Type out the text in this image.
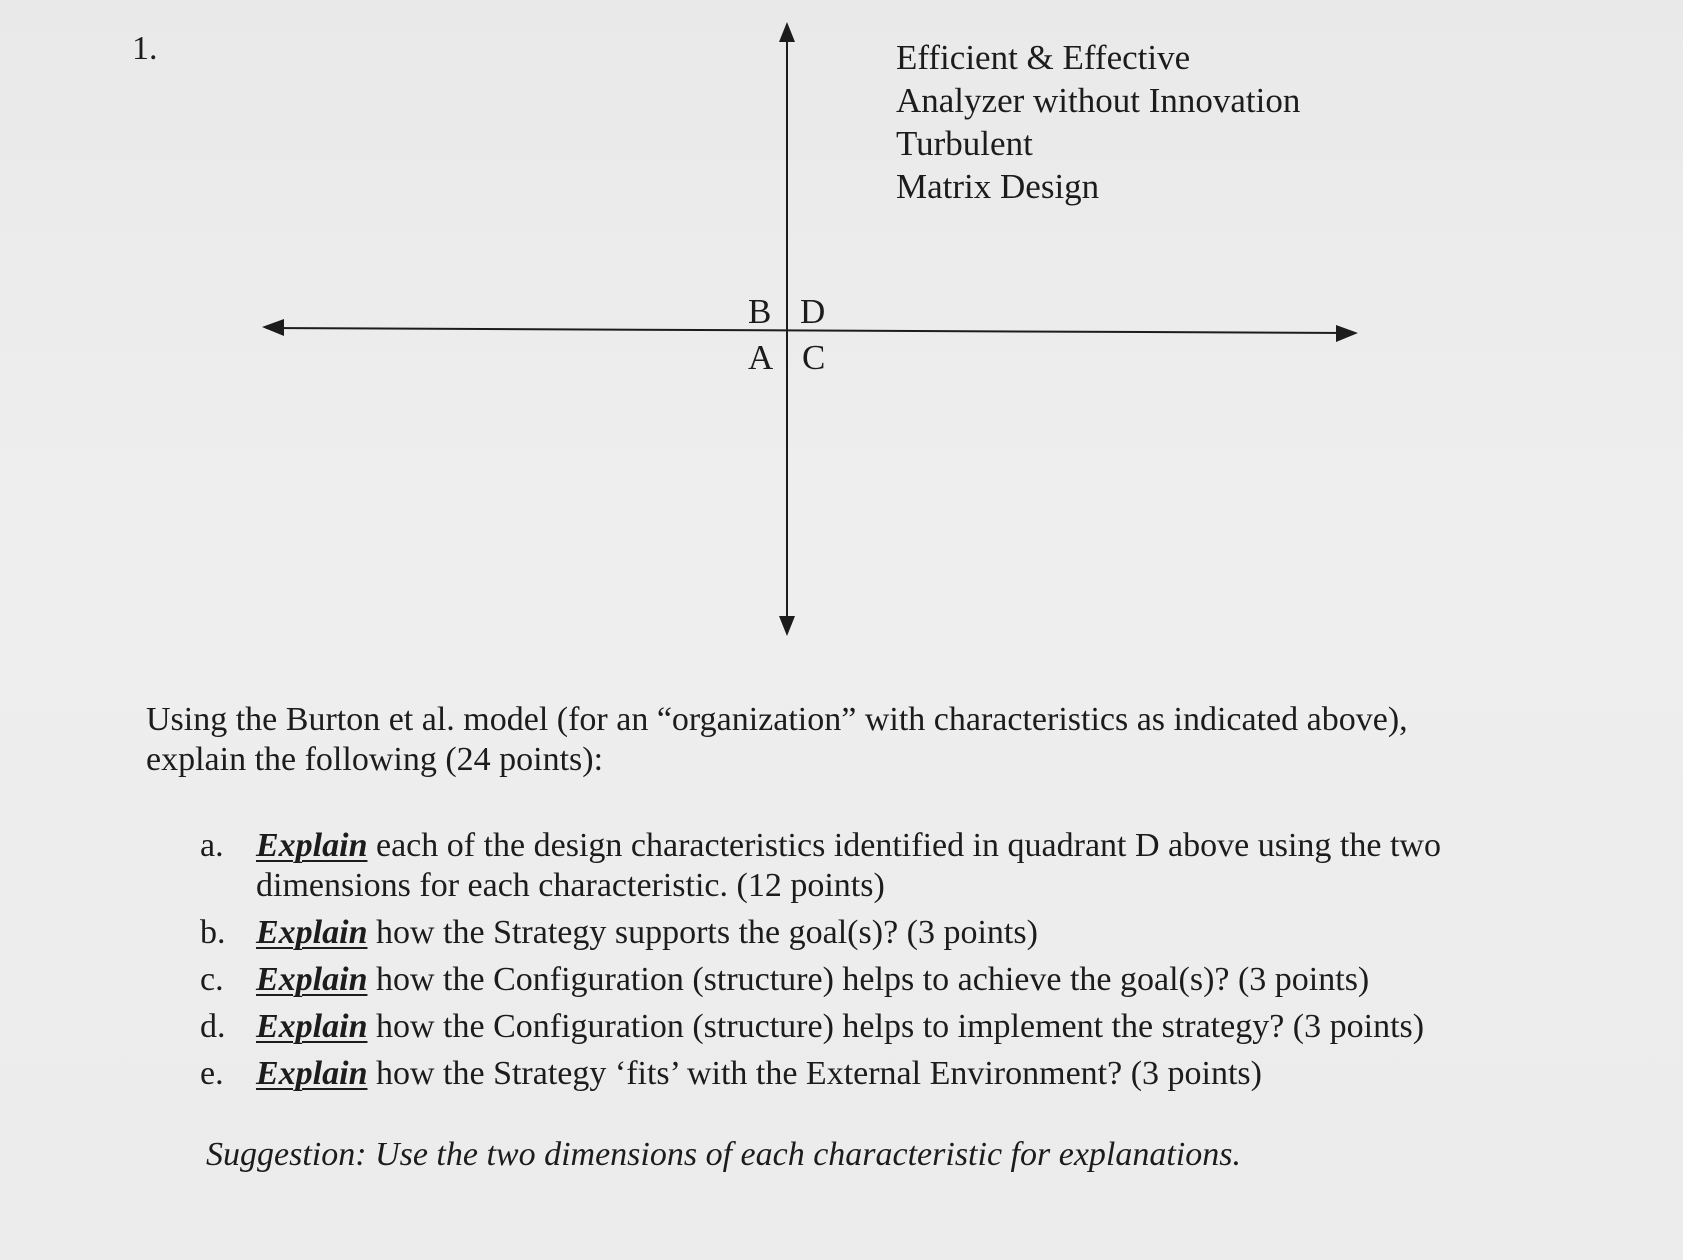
1.
B D
A C
Efficient & Effective
Analyzer without Innovation
Turbulent
Matrix Design
Using the Burton et al. model (for an “organization” with characteristics as indicated above),
explain the following (24 points):
a. Explain each of the design characteristics identified in quadrant D above using the two
dimensions for each characteristic. (12 points)
b. Explain how the Strategy supports the goal(s)? (3 points)
c. Explain how the Configuration (structure) helps to achieve the goal(s)? (3 points)
d. Explain how the Configuration (structure) helps to implement the strategy? (3 points)
e. Explain how the Strategy ‘fits’ with the External Environment? (3 points)
Suggestion: Use the two dimensions of each characteristic for explanations.
